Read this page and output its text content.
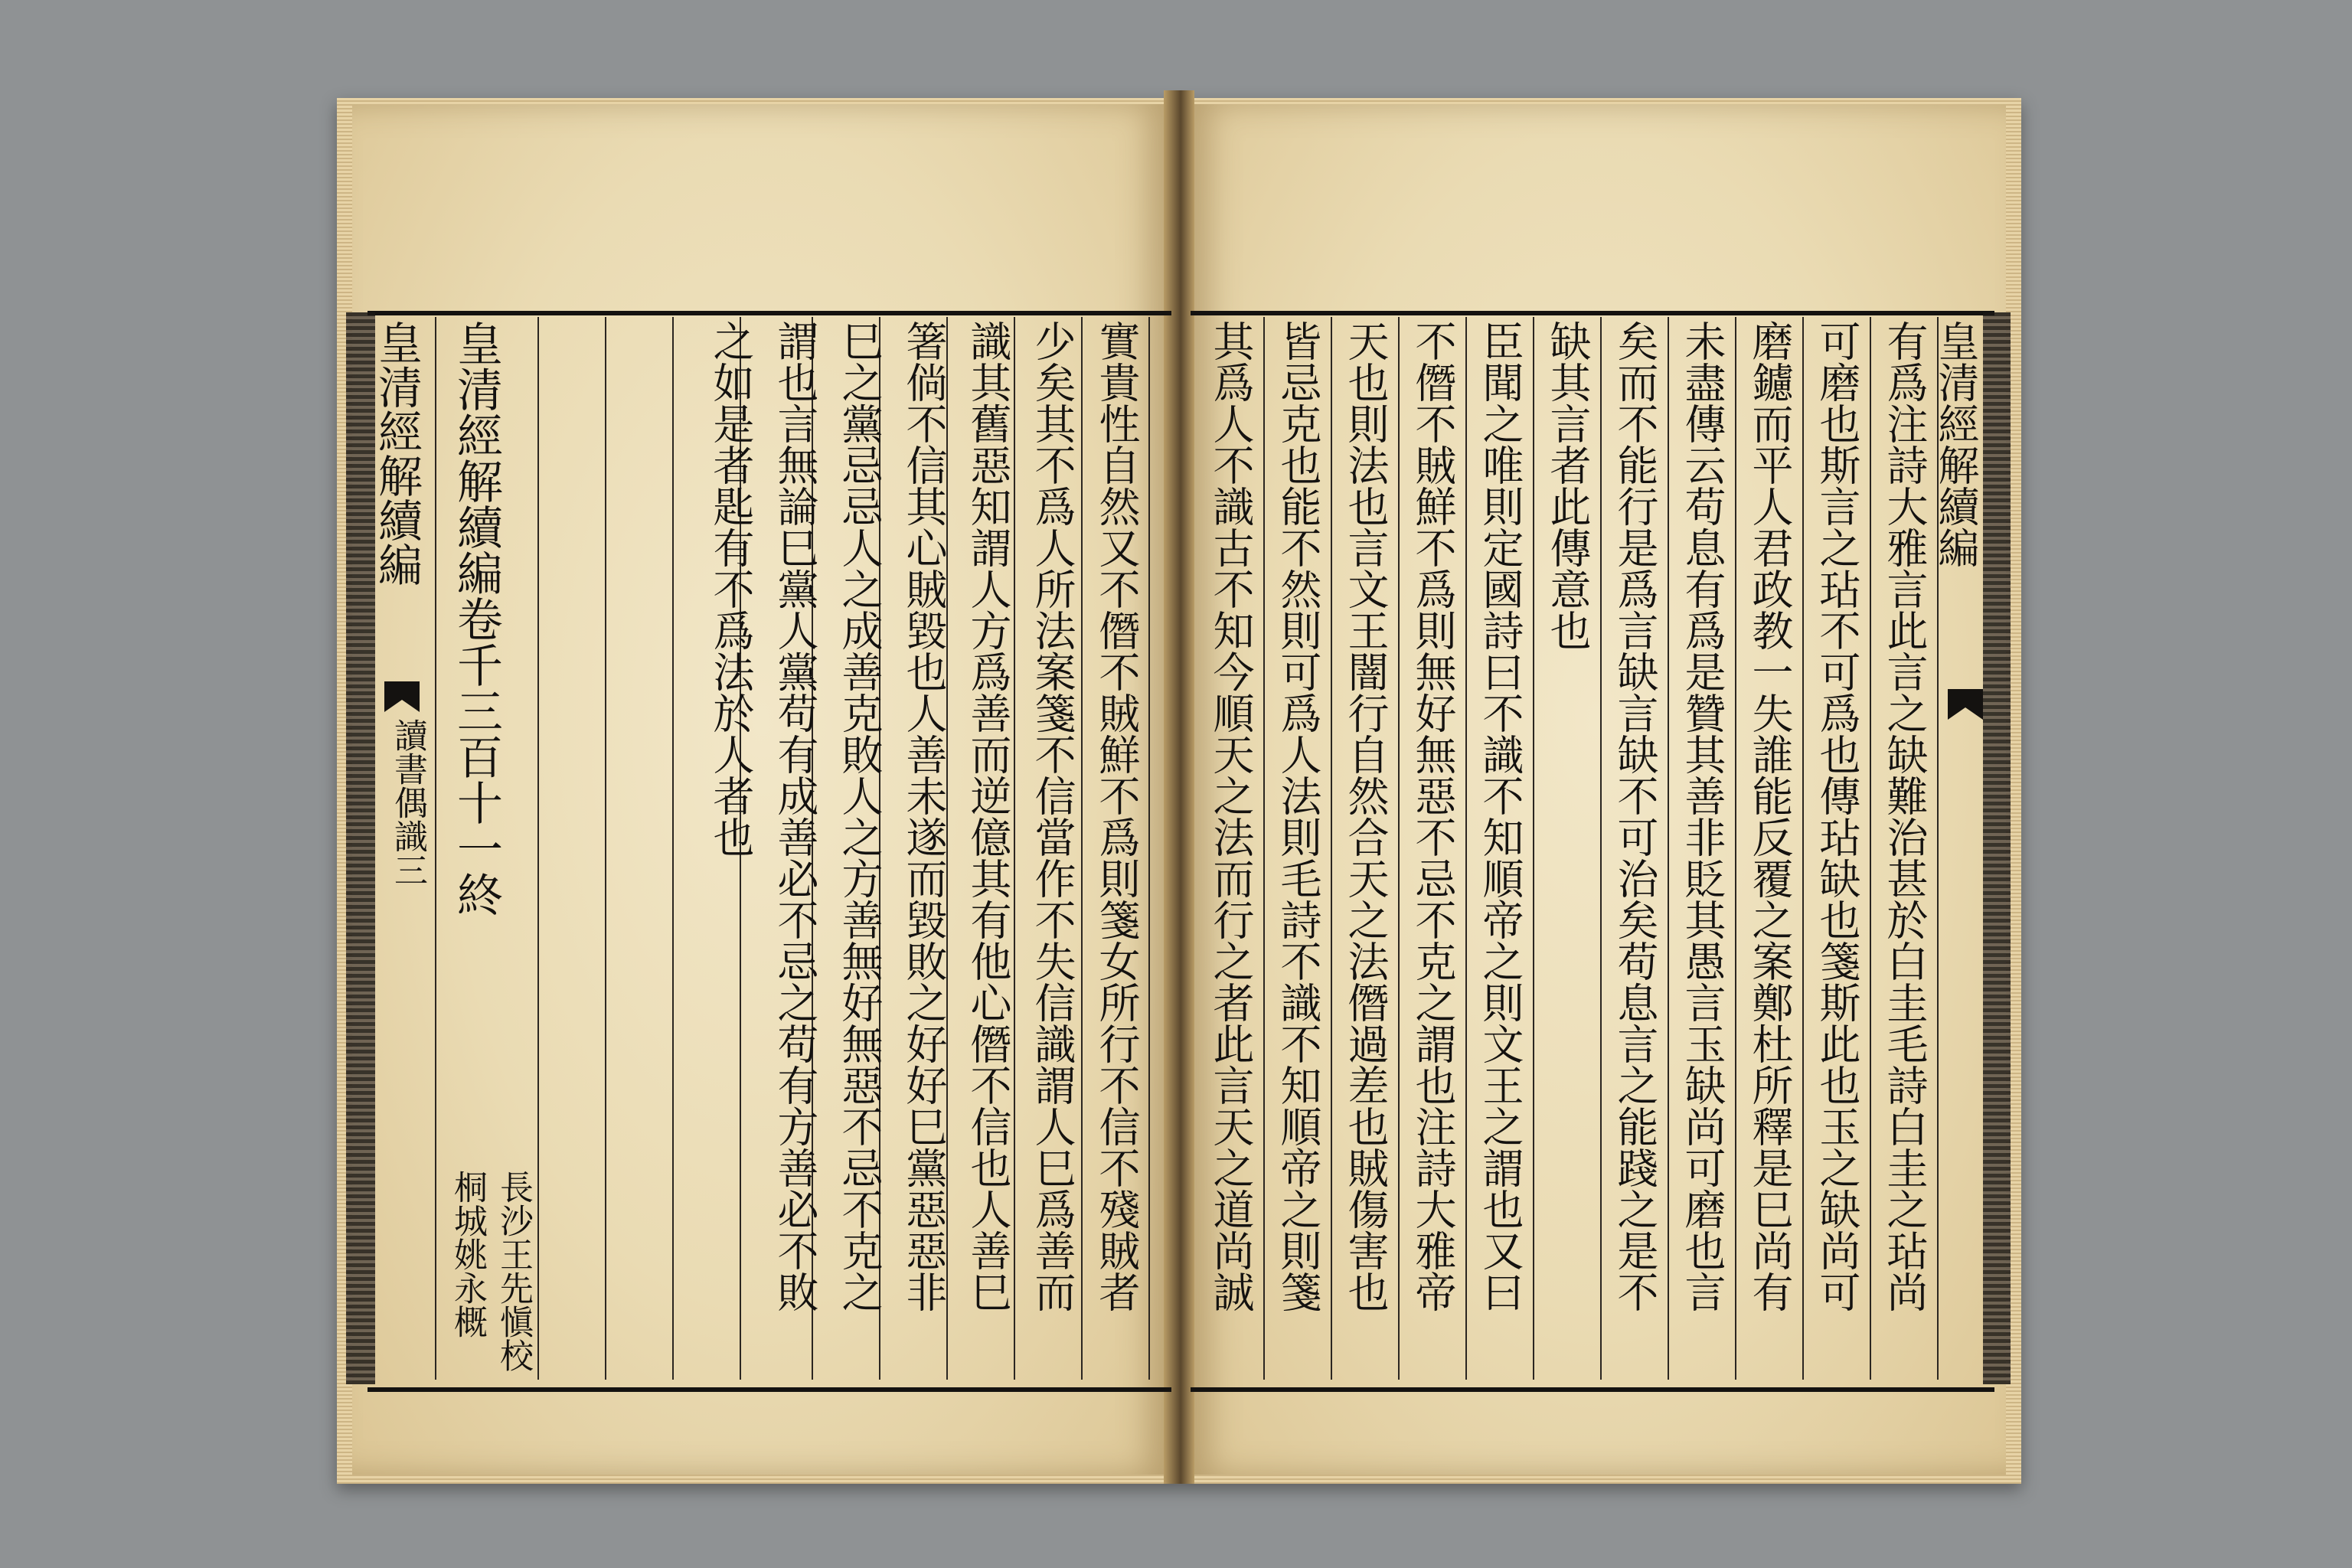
皇清經解續編
讀書偶識三 皇清經解續編卷千三百十一終
桐城姚永概 長沙王先愼校
之如是者匙有不爲法於人者也 謂也言無論巳黨人黨苟有成善必不忌之苟有方善必不敗 巳之黨忌忌人之成善克敗人之方善無好無惡不忌不克之 箸倘不信其心賊毀也人善未遂而毀敗之好好巳黨惡惡非 識其舊惡知謂人方爲善而逆億其有他心僭不信也人善巳 少矣其不爲人所法案箋不信當作不失信識謂人巳爲善而 實貴性自然又不僭不賊鮮不爲則箋女所行不信不殘賊者 其爲人不識古不知今順天之法而行之者此言天之道尚誠 皆忌克也能不然則可爲人法則毛詩不識不知順帝之則箋 天也則法也言文王闇行自然合天之法僭過差也賊傷害也 不僭不賊鮮不爲則無好無惡不忌不克之謂也注詩大雅帝 臣聞之唯則定國詩曰不識不知順帝之則文王之謂也又曰 缺其言者此傳意也 矣而不能行是爲言缺言缺不可治矣苟息言之能踐之是不 未盡傳云苟息有爲是贊其善非貶其愚言玉缺尚可磨也言 磨鑢而平人君政教一失誰能反覆之案鄭杜所釋是巳尚有 可磨也斯言之玷不可爲也傳玷缺也箋斯此也玉之缺尚可 有爲注詩大雅言此言之缺難治甚於白圭毛詩白圭之玷尚 皇清經解續編
